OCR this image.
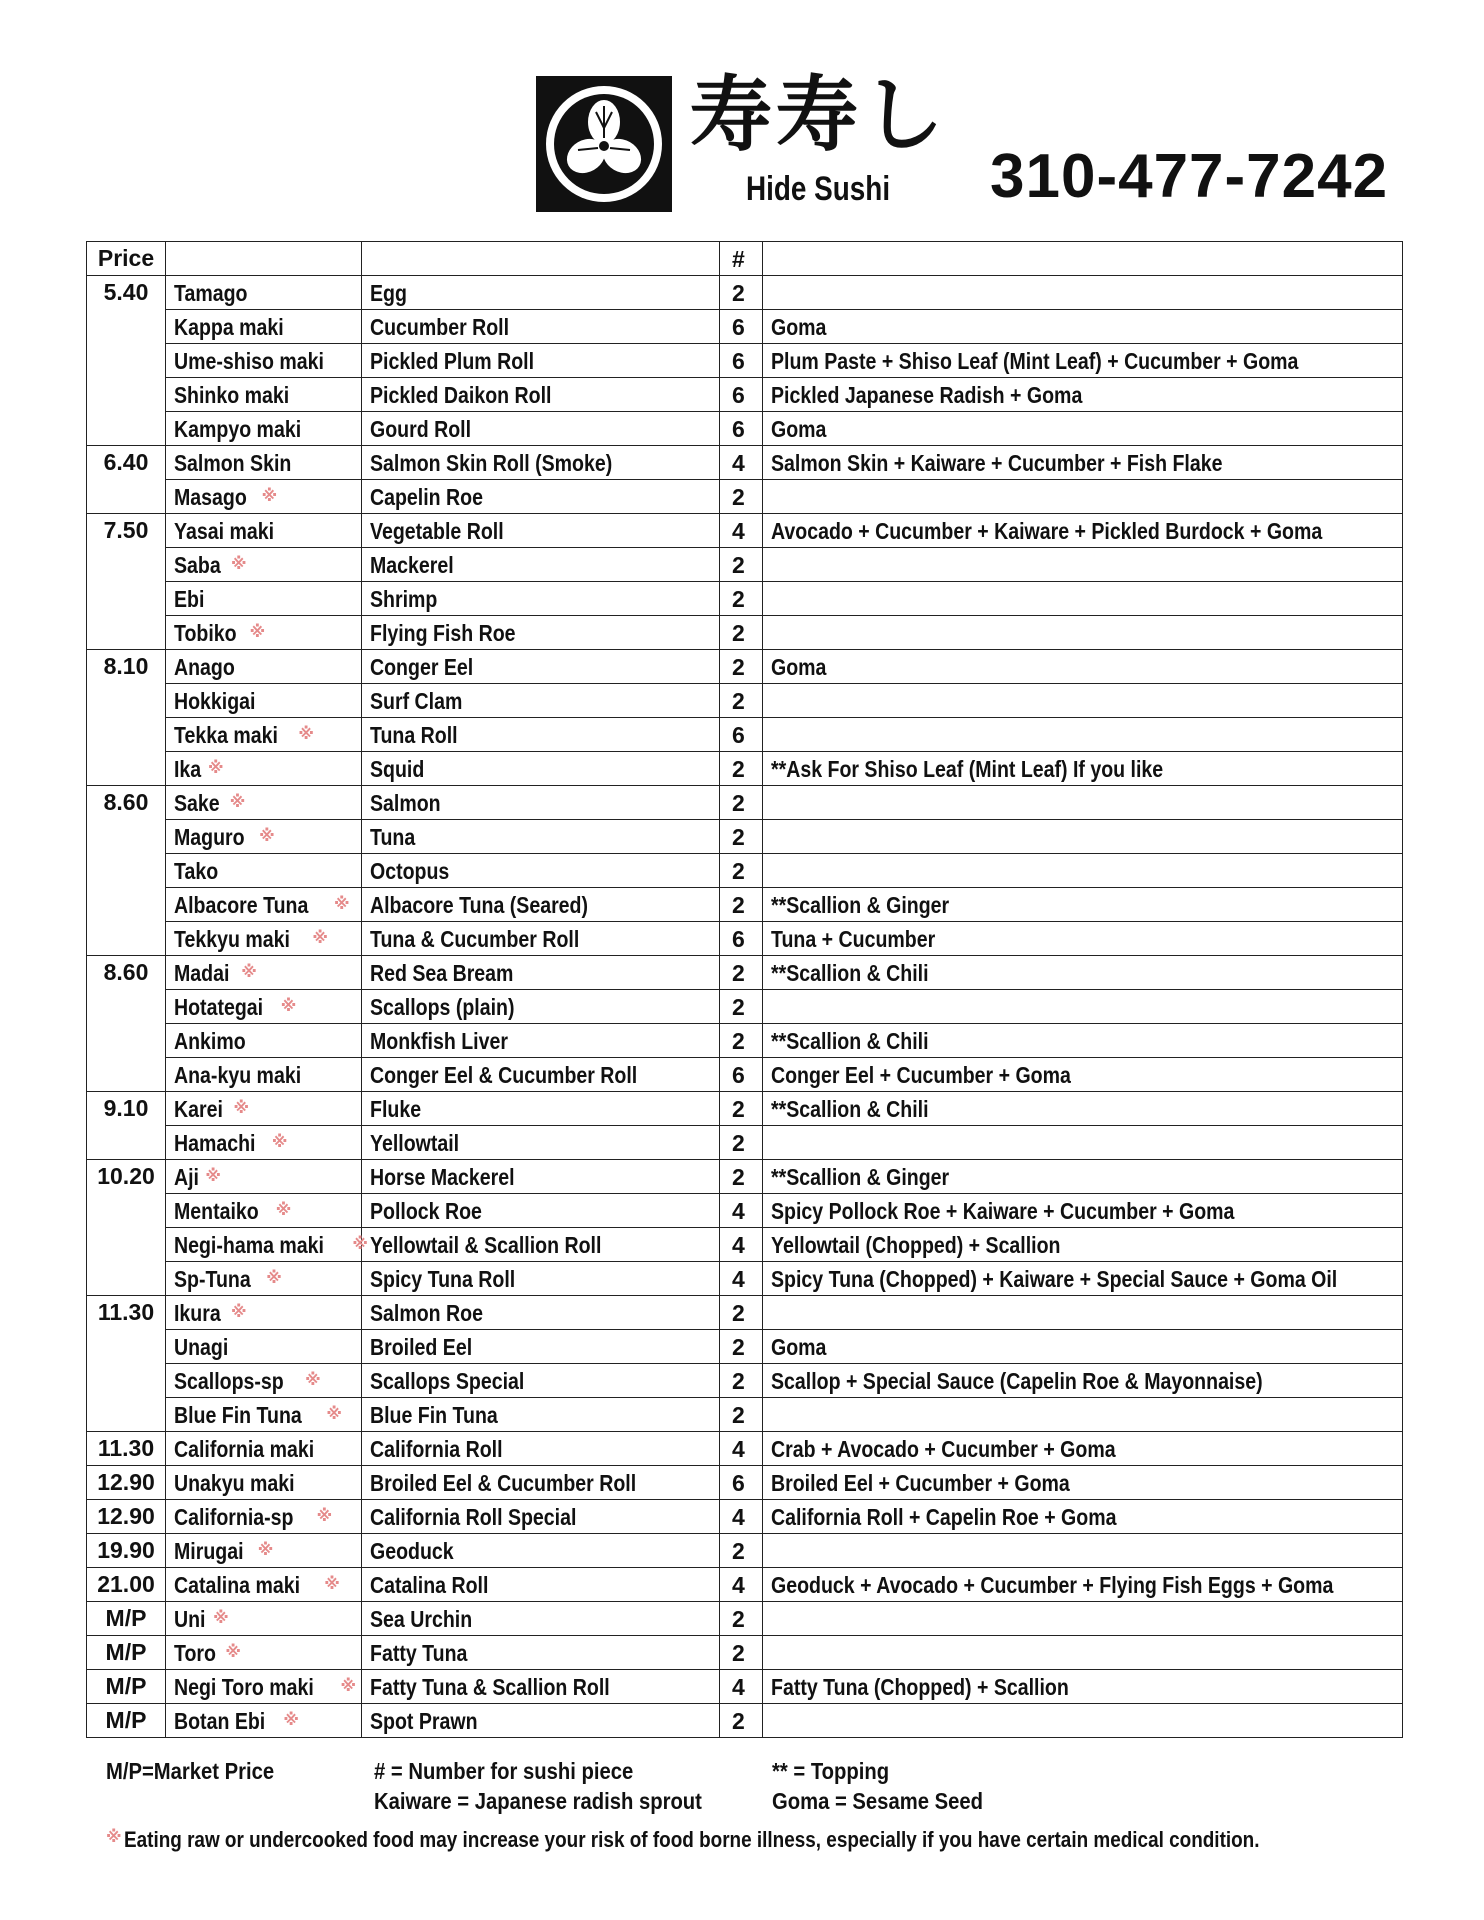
寿寿し
Hide Sushi 310-477-7242
Price			#	
5.40	Tamago	Egg	2	
	Kappa maki	Cucumber Roll	6	Goma
	Ume-shiso maki	Pickled Plum Roll	6	Plum Paste + Shiso Leaf (Mint Leaf) + Cucumber + Goma
	Shinko maki	Pickled Daikon Roll	6	Pickled Japanese Radish + Goma
	Kampyo maki	Gourd Roll	6	Goma
6.40	Salmon Skin	Salmon Skin Roll (Smoke)	4	Salmon Skin + Kaiware + Cucumber + Fish Flake
	Masago ※	Capelin Roe	2	
7.50	Yasai maki	Vegetable Roll	4	Avocado + Cucumber + Kaiware + Pickled Burdock + Goma
	Saba ※	Mackerel	2	
	Ebi	Shrimp	2	
	Tobiko ※	Flying Fish Roe	2	
8.10	Anago	Conger Eel	2	Goma
	Hokkigai	Surf Clam	2	
	Tekka maki ※	Tuna Roll	6	
	Ika ※	Squid	2	**Ask For Shiso Leaf (Mint Leaf) If you like
8.60	Sake ※	Salmon	2	
	Maguro ※	Tuna	2	
	Tako	Octopus	2	
	Albacore Tuna ※	Albacore Tuna (Seared)	2	**Scallion & Ginger
	Tekkyu maki ※	Tuna & Cucumber Roll	6	Tuna + Cucumber
8.60	Madai ※	Red Sea Bream	2	**Scallion & Chili
	Hotategai ※	Scallops (plain)	2	
	Ankimo	Monkfish Liver	2	**Scallion & Chili
	Ana-kyu maki	Conger Eel & Cucumber Roll	6	Conger Eel + Cucumber + Goma
9.10	Karei ※	Fluke	2	**Scallion & Chili
	Hamachi ※	Yellowtail	2	
10.20	Aji ※	Horse Mackerel	2	**Scallion & Ginger
	Mentaiko ※	Pollock Roe	4	Spicy Pollock Roe + Kaiware + Cucumber + Goma
	Negi-hama maki ※	Yellowtail & Scallion Roll	4	Yellowtail (Chopped) + Scallion
	Sp-Tuna ※	Spicy Tuna Roll	4	Spicy Tuna (Chopped) + Kaiware + Special Sauce + Goma Oil
11.30	Ikura ※	Salmon Roe	2	
	Unagi	Broiled Eel	2	Goma
	Scallops-sp ※	Scallops Special	2	Scallop + Special Sauce (Capelin Roe & Mayonnaise)
	Blue Fin Tuna ※	Blue Fin Tuna	2	
11.30	California maki	California Roll	4	Crab + Avocado + Cucumber + Goma
12.90	Unakyu maki	Broiled Eel & Cucumber Roll	6	Broiled Eel + Cucumber + Goma
12.90	California-sp ※	California Roll Special	4	California Roll + Capelin Roe + Goma
19.90	Mirugai ※	Geoduck	2	
21.00	Catalina maki ※	Catalina Roll	4	Geoduck + Avocado + Cucumber + Flying Fish Eggs + Goma
M/P	Uni ※	Sea Urchin	2	
M/P	Toro ※	Fatty Tuna	2	
M/P	Negi Toro maki ※	Fatty Tuna & Scallion Roll	4	Fatty Tuna (Chopped) + Scallion
M/P	Botan Ebi ※	Spot Prawn	2	
M/P=Market Price	# = Number for sushi piece
Kaiware = Japanese radish sprout
** = Topping
Goma = Sesame Seed
※Eating raw or undercooked food may increase your risk of food borne illness, especially if you have certain medical condition.
